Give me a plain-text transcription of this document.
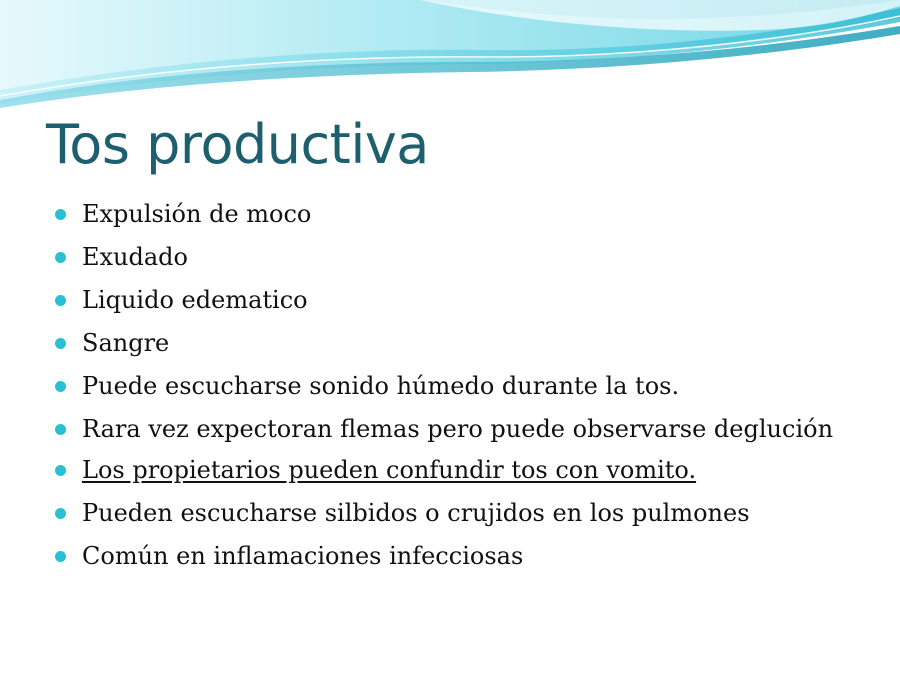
Tos productiva
Expulsión de moco
Exudado
Liquido edematico
Sangre
Puede escucharse sonido húmedo durante la tos.
Rara vez expectoran flemas pero puede observarse deglución
Los propietarios pueden confundir tos con vomito.
Pueden escucharse silbidos o crujidos en los pulmones
Común en inflamaciones infecciosas
